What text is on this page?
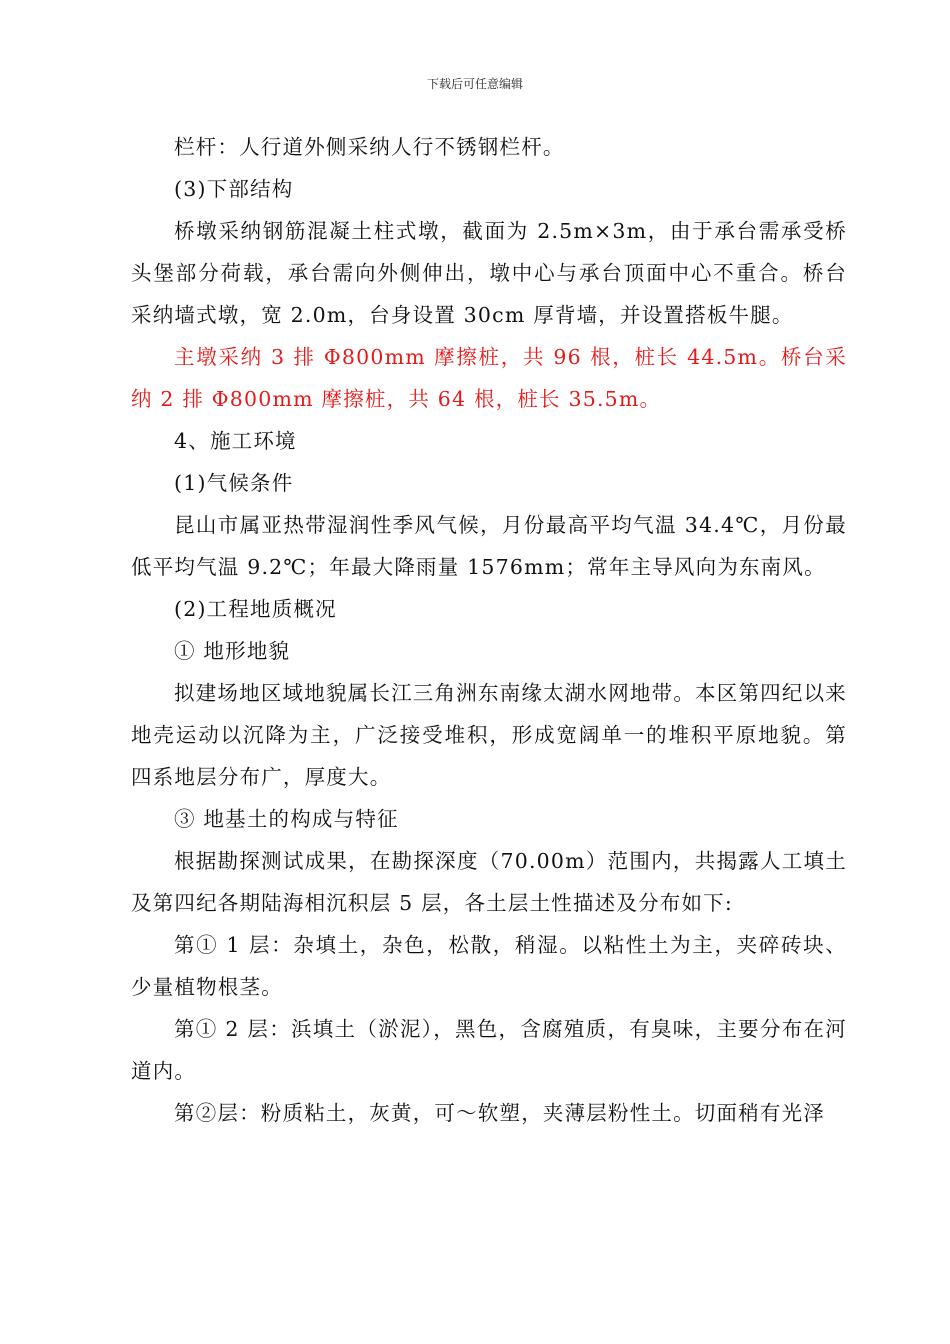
下载后可任意编辑

栏杆：人行道外侧采纳人行不锈钢栏杆。

(3)下部结构

桥墩采纳钢筋混凝土柱式墩，截面为 2.5m×3m，由于承台需承受桥头堡部分荷载，承台需向外侧伸出，墩中心与承台顶面中心不重合。桥台采纳墙式墩，宽 2.0m，台身设置 30cm 厚背墙，并设置搭板牛腿。

主墩采纳 3 排 Φ800mm 摩擦桩，共 96 根，桩长 44.5m。桥台采纳 2 排 Φ800mm 摩擦桩，共 64 根，桩长 35.5m。

4、施工环境

(1)气候条件

昆山市属亚热带湿润性季风气候，月份最高平均气温 34.4℃，月份最低平均气温 9.2℃；年最大降雨量 1576mm；常年主导风向为东南风。

(2)工程地质概况

① 地形地貌

拟建场地区域地貌属长江三角洲东南缘太湖水网地带。本区第四纪以来地壳运动以沉降为主，广泛接受堆积，形成宽阔单一的堆积平原地貌。第四系地层分布广，厚度大。

③ 地基土的构成与特征

根据勘探测试成果，在勘探深度（70.00m）范围内，共揭露人工填土及第四纪各期陆海相沉积层 5 层，各土层土性描述及分布如下:

第① 1 层：杂填土，杂色，松散，稍湿。以粘性土为主，夹碎砖块、少量植物根茎。

第① 2 层：浜填土（淤泥），黑色，含腐殖质，有臭味，主要分布在河道内。

第②层：粉质粘土，灰黄，可～软塑，夹薄层粉性土。切面稍有光泽
